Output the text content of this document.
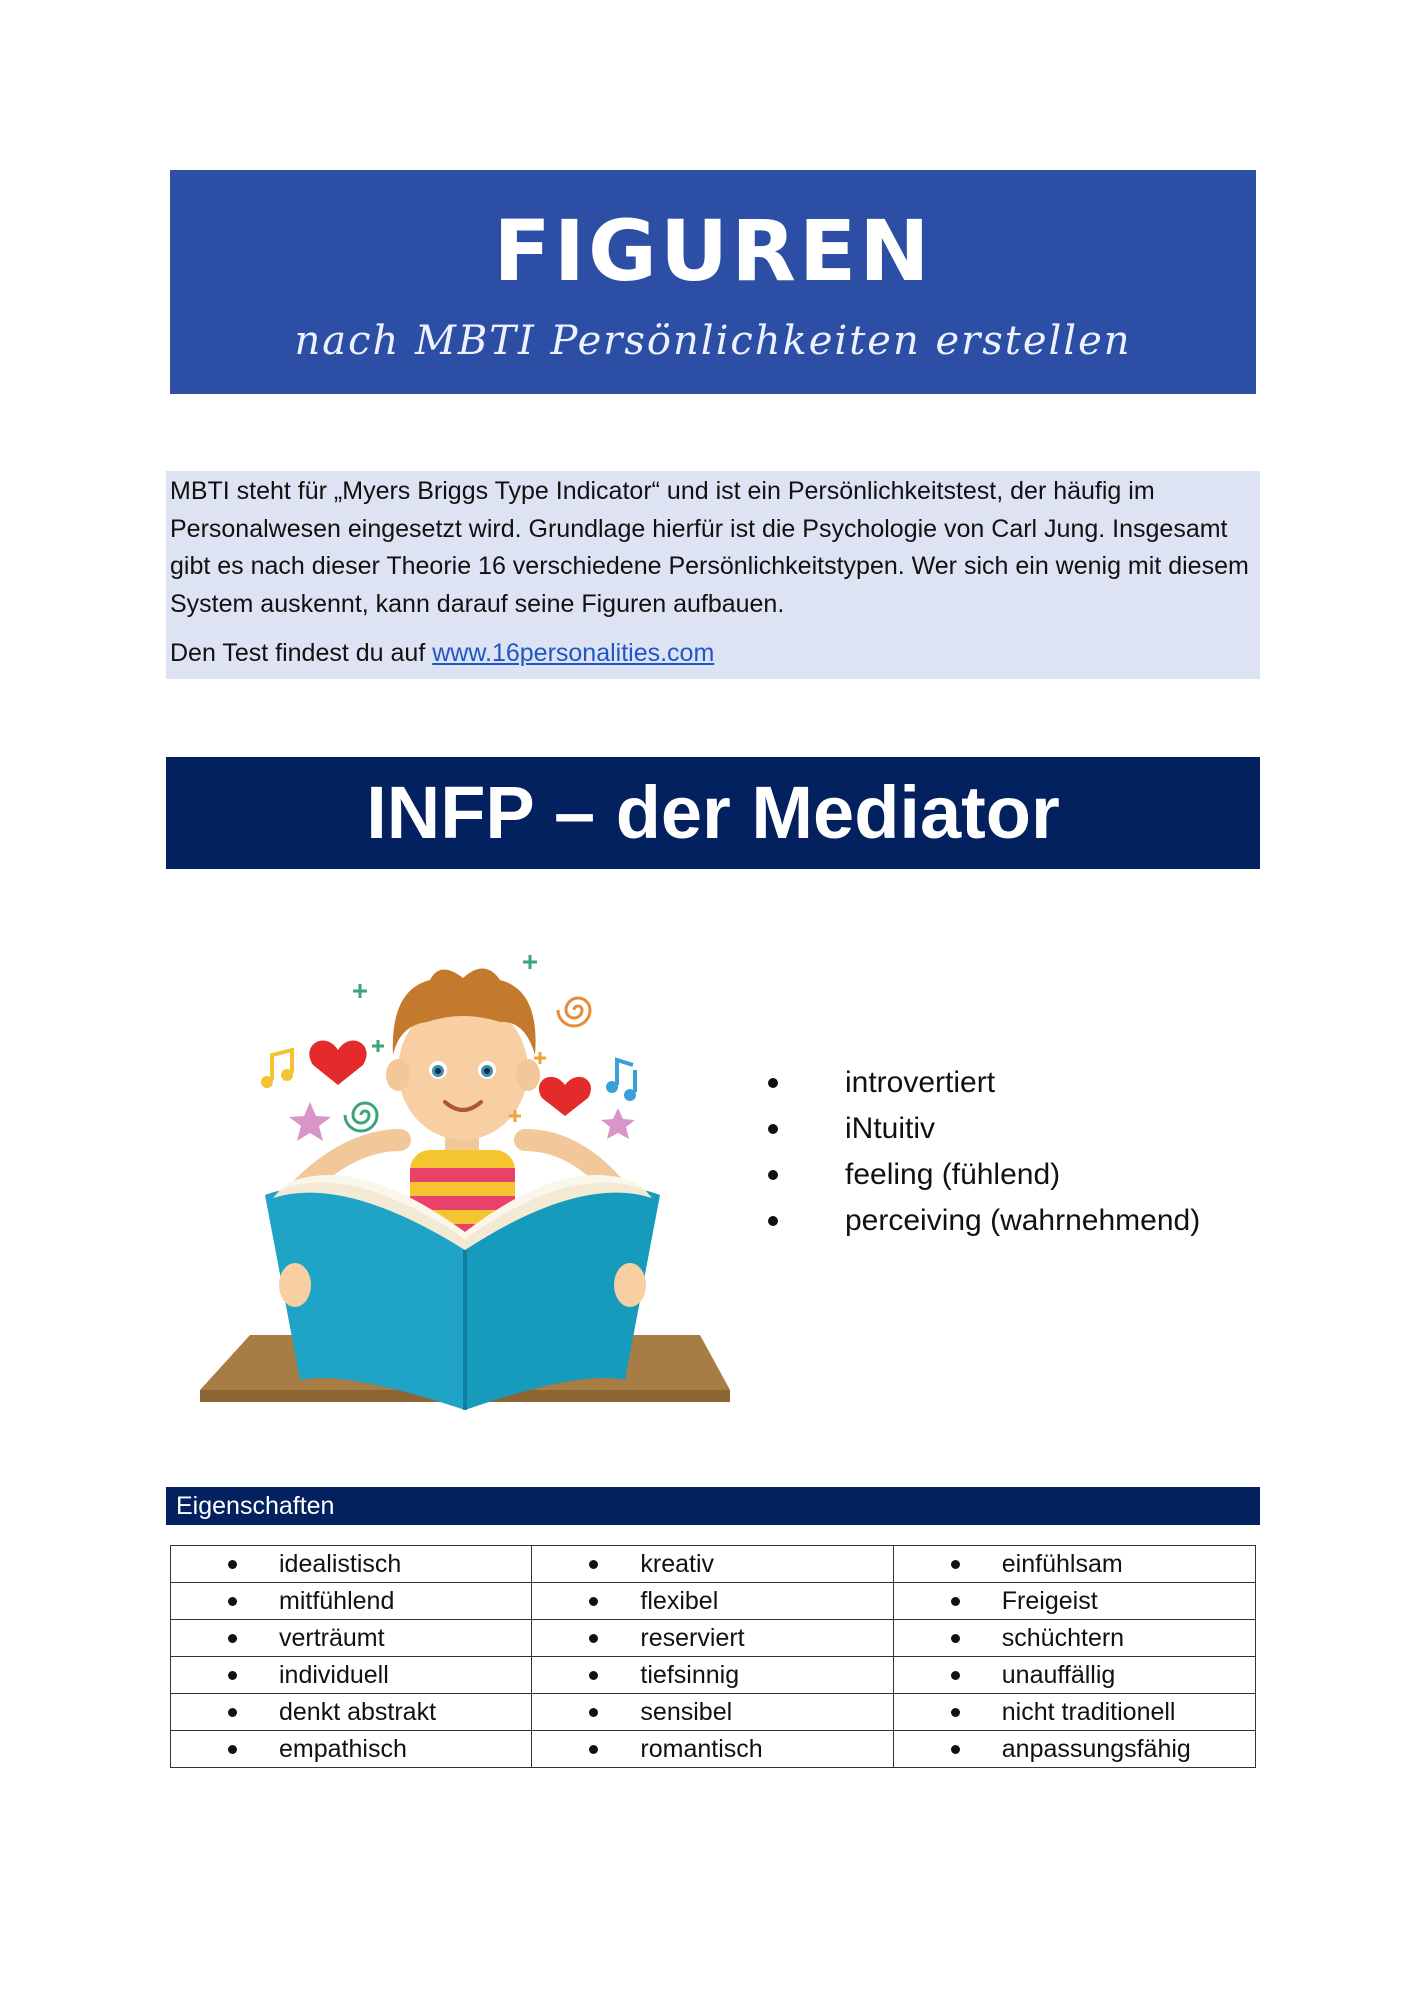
FIGUREN
nach MBTI Persönlichkeiten erstellen

MBTI steht für „Myers Briggs Type Indicator“ und ist ein Persönlichkeitstest, der häufig im Personalwesen eingesetzt wird. Grundlage hierfür ist die Psychologie von Carl Jung. Insgesamt gibt es nach dieser Theorie 16 verschiedene Persönlichkeitstypen. Wer sich ein wenig mit diesem System auskennt, kann darauf seine Figuren aufbauen.

Den Test findest du auf www.16personalities.com

INFP – der Mediator
introvertiert
iNtuitiv
feeling (fühlend)
perceiving (wahrnehmend)
Eigenschaften
idealistisch	kreativ	einfühlsam

mitfühlend	flexibel	Freigeist

verträumt	reserviert	schüchtern

individuell	tiefsinnig	unauffällig

denkt abstrakt	sensibel	nicht traditionell

empathisch	romantisch	anpassungsfähig
